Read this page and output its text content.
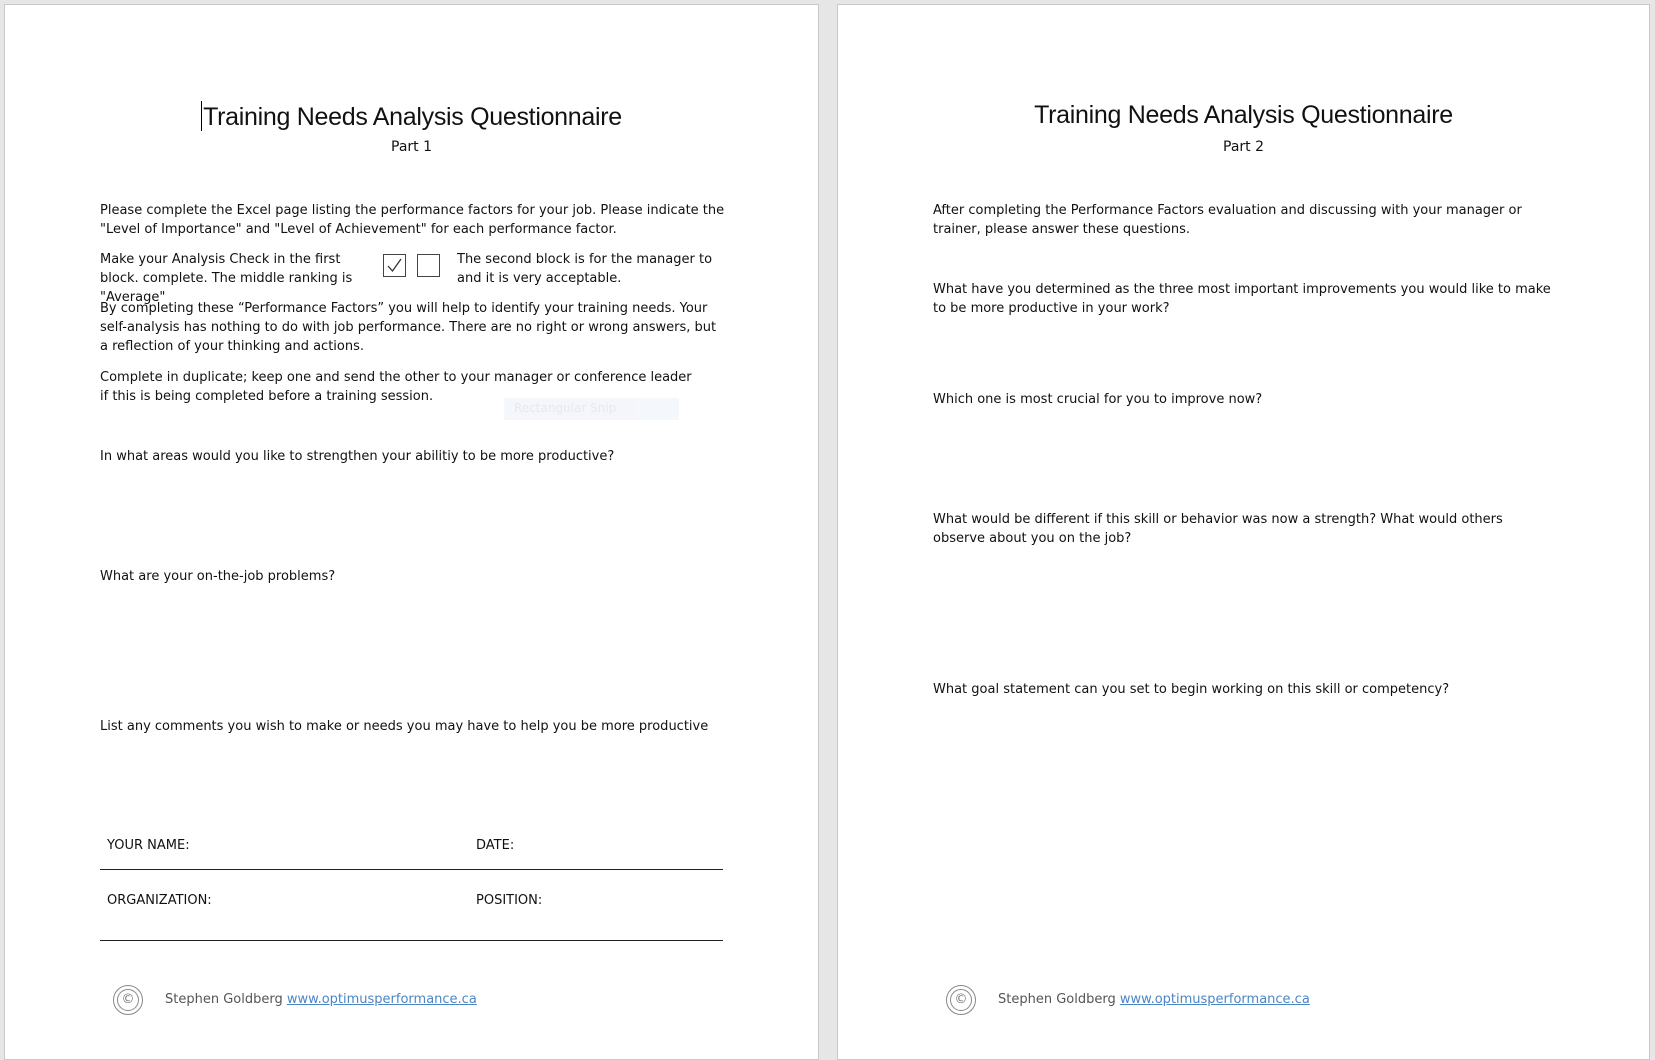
Training Needs Analysis Questionnaire
Part 1
Please complete the Excel page listing the performance factors for your job. Please indicate the "Level of Importance" and "Level of Achievement" for each performance factor.
Make your Analysis Check in the first block. complete. The middle ranking is "Average"
The second block is for the manager to and it is very acceptable.
By completing these “Performance Factors” you will help to identify your training needs. Your self-analysis has nothing to do with job performance. There are no right or wrong answers, but a reflection of your thinking and actions.
Complete in duplicate; keep one and send the other to your manager or conference leader if this is being completed before a training session.
Rectangular Snip
In what areas would you like to strengthen your abilitiy to be more productive?
What are your on-the-job problems?
List any comments you wish to make or needs you may have to help you be more productive
YOUR NAME:	DATE:
ORGANIZATION:	POSITION:
©	Stephen Goldberg www.optimusperformance.ca
Training Needs Analysis Questionnaire
Part 2
After completing the Performance Factors evaluation and discussing with your manager or trainer, please answer these questions.
What have you determined as the three most important improvements you would like to make to be more productive in your work?
Which one is most crucial for you to improve now?
What would be different if this skill or behavior was now a strength? What would others observe about you on the job?
What goal statement can you set to begin working on this skill or competency?
©	Stephen Goldberg www.optimusperformance.ca
